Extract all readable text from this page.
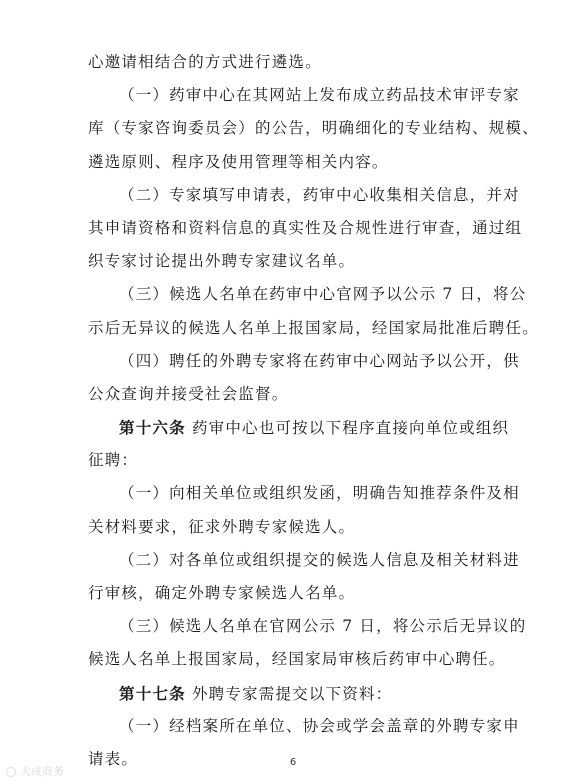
心邀请相结合的方式进行遴选。
（一）药审中心在其网站上发布成立药品技术审评专家
库（专家咨询委员会）的公告，明确细化的专业结构、规模、
遴选原则、程序及使用管理等相关内容。
（二）专家填写申请表，药审中心收集相关信息，并对
其申请资格和资料信息的真实性及合规性进行审查，通过组
织专家讨论提出外聘专家建议名单。
（三）候选人名单在药审中心官网予以公示 7 日，将公
示后无异议的候选人名单上报国家局，经国家局批准后聘任。
（四）聘任的外聘专家将在药审中心网站予以公开，供
公众查询并接受社会监督。
第十六条 药审中心也可按以下程序直接向单位或组织
征聘：
（一）向相关单位或组织发函，明确告知推荐条件及相
关材料要求，征求外聘专家候选人。
（二）对各单位或组织提交的候选人信息及相关材料进
行审核，确定外聘专家候选人名单。
（三）候选人名单在官网公示 7 日，将公示后无异议的
候选人名单上报国家局，经国家局审核后药审中心聘任。
第十七条 外聘专家需提交以下资料：
（一）经档案所在单位、协会或学会盖章的外聘专家申
请表。	6
大成商务
